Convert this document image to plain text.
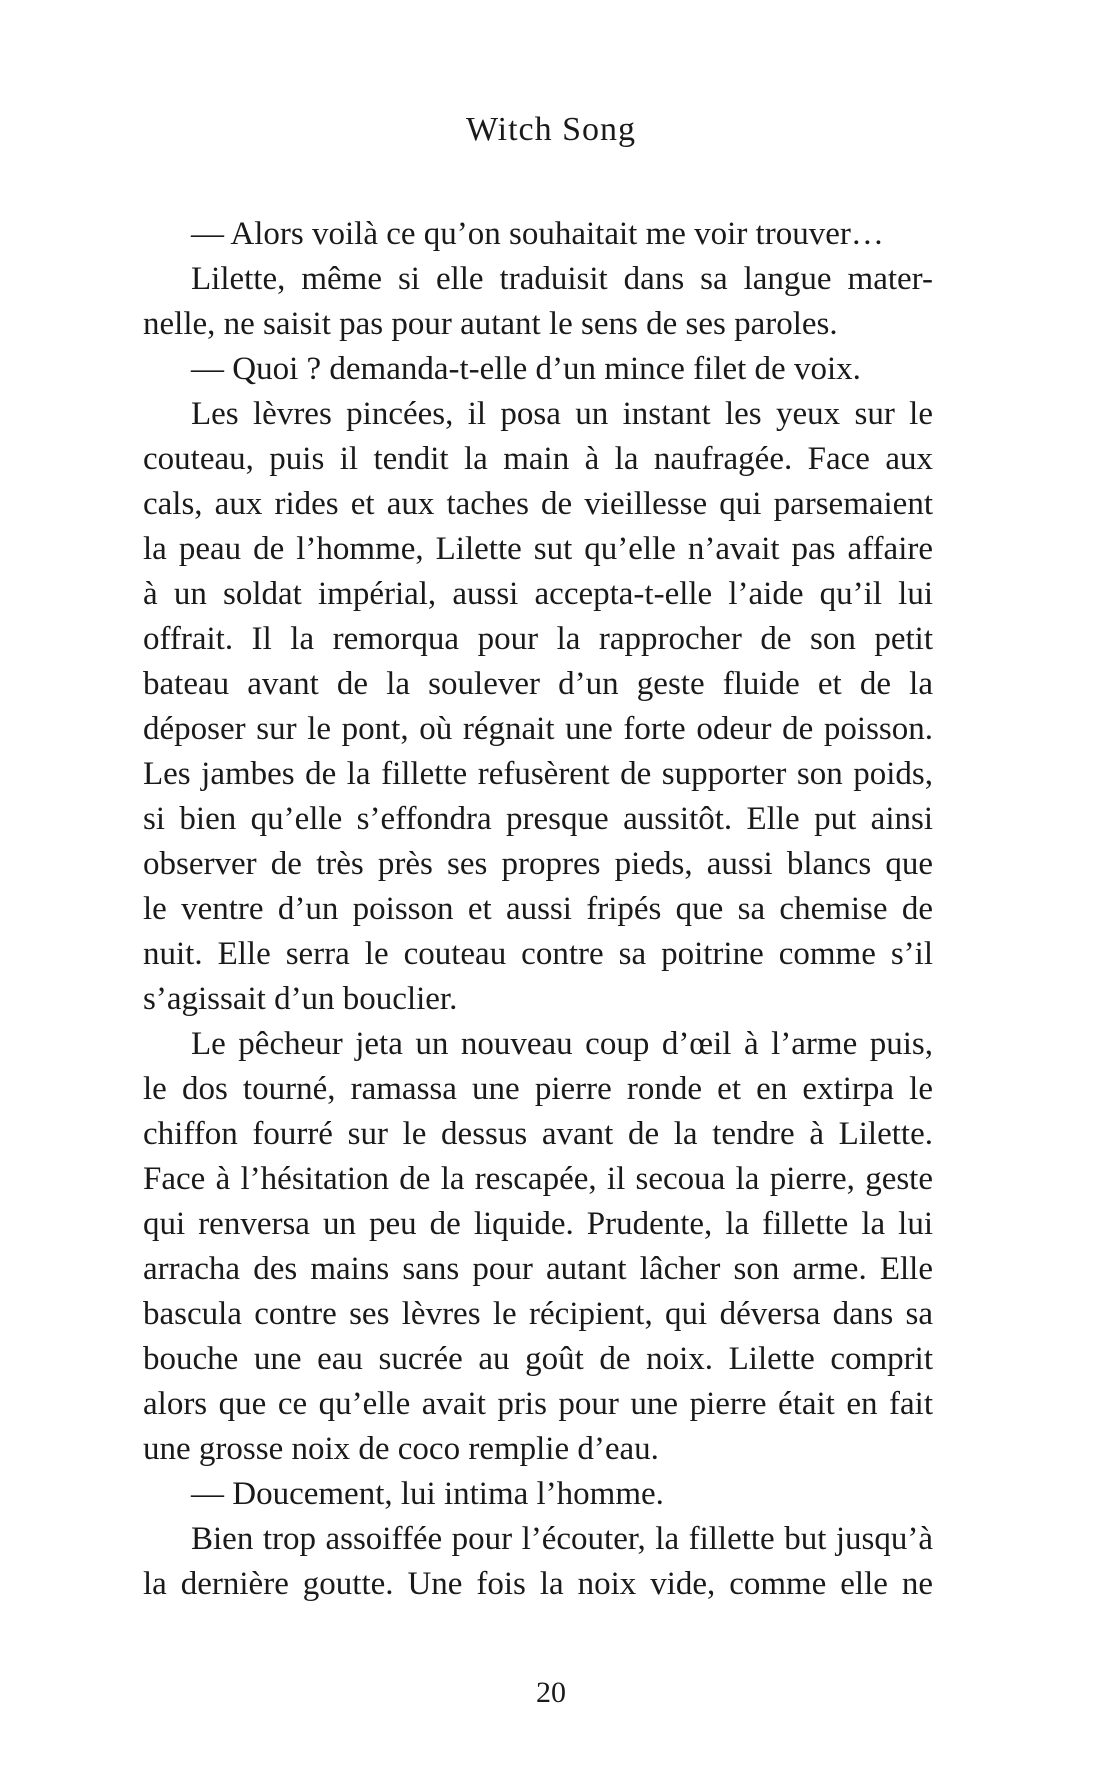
Witch Song
— Alors voilà ce qu’on souhaitait me voir trouver…
Lilette, même si elle traduisit dans sa langue mater-
nelle, ne saisit pas pour autant le sens de ses paroles.
— Quoi ? demanda-t-elle d’un mince filet de voix.
Les lèvres pincées, il posa un instant les yeux sur le
couteau, puis il tendit la main à la naufragée. Face aux
cals, aux rides et aux taches de vieillesse qui parsemaient
la peau de l’homme, Lilette sut qu’elle n’avait pas affaire
à un soldat impérial, aussi accepta-t-elle l’aide qu’il lui
offrait. Il la remorqua pour la rapprocher de son petit
bateau avant de la soulever d’un geste fluide et de la
déposer sur le pont, où régnait une forte odeur de poisson.
Les jambes de la fillette refusèrent de supporter son poids,
si bien qu’elle s’effondra presque aussitôt. Elle put ainsi
observer de très près ses propres pieds, aussi blancs que
le ventre d’un poisson et aussi fripés que sa chemise de
nuit. Elle serra le couteau contre sa poitrine comme s’il
s’agissait d’un bouclier.
Le pêcheur jeta un nouveau coup d’œil à l’arme puis,
le dos tourné, ramassa une pierre ronde et en extirpa le
chiffon fourré sur le dessus avant de la tendre à Lilette.
Face à l’hésitation de la rescapée, il secoua la pierre, geste
qui renversa un peu de liquide. Prudente, la fillette la lui
arracha des mains sans pour autant lâcher son arme. Elle
bascula contre ses lèvres le récipient, qui déversa dans sa
bouche une eau sucrée au goût de noix. Lilette comprit
alors que ce qu’elle avait pris pour une pierre était en fait
une grosse noix de coco remplie d’eau.
— Doucement, lui intima l’homme.
Bien trop assoiffée pour l’écouter, la fillette but jusqu’à
la dernière goutte. Une fois la noix vide, comme elle ne
20
